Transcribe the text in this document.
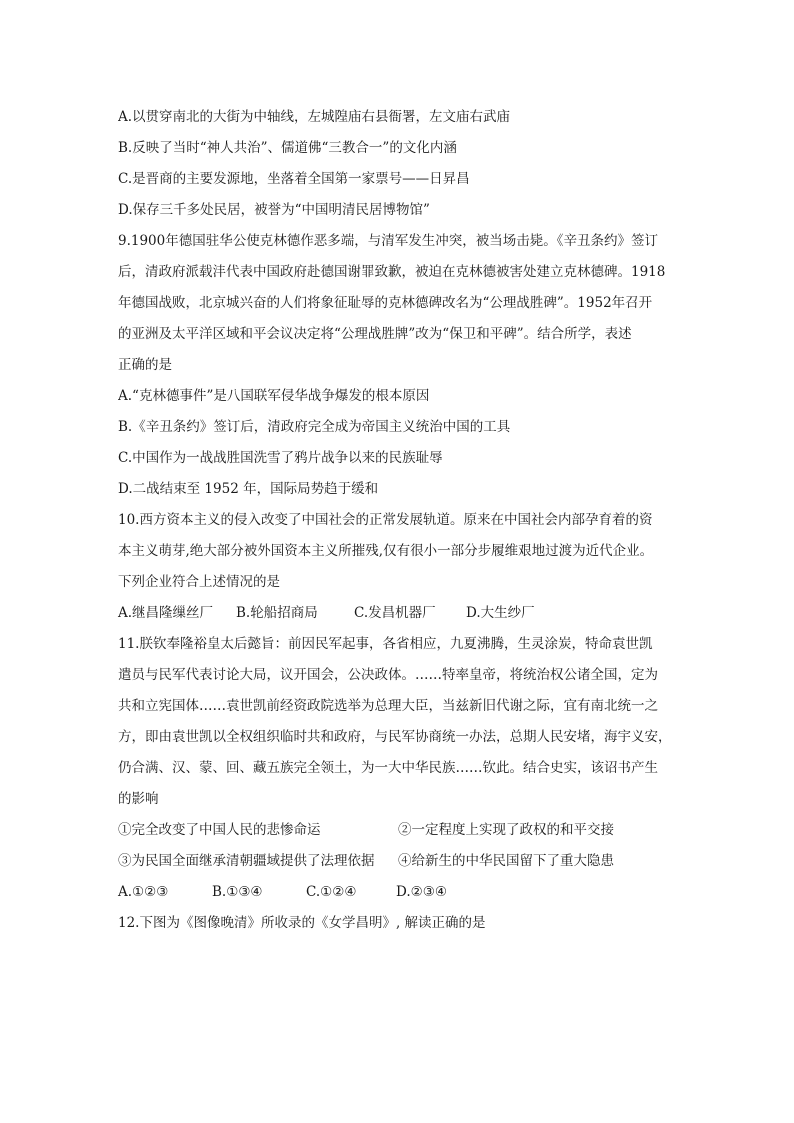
A.以贯穿南北的大街为中轴线，左城隍庙右县衙署，左文庙右武庙
B.反映了当时“神人共治”、儒道佛“三教合一”的文化内涵
C.是晋商的主要发源地，坐落着全国第一家票号——日昇昌
D.保存三千多处民居，被誉为“中国明清民居博物馆”
9.1900年德国驻华公使克林德作恶多端，与清军发生冲突，被当场击毙。《辛丑条约》签订
后，清政府派载沣代表中国政府赴德国谢罪致歉，被迫在克林德被害处建立克林德碑。1918
年德国战败，北京城兴奋的人们将象征耻辱的克林德碑改名为“公理战胜碑”。1952年召开
的亚洲及太平洋区域和平会议决定将“公理战胜牌”改为“保卫和平碑”。结合所学，表述
正确的是
A.“克林德事件”是八国联军侵华战争爆发的根本原因
B.《辛丑条约》签订后，清政府完全成为帝国主义统治中国的工具
C.中国作为一战战胜国洗雪了鸦片战争以来的民族耻辱
D.二战结束至 1952 年，国际局势趋于缓和
10.西方资本主义的侵入改变了中国社会的正常发展轨道。原来在中国社会内部孕育着的资
本主义萌芽,绝大部分被外国资本主义所摧残,仅有很小一部分步履维艰地过渡为近代企业。
下列企业符合上述情况的是
A.继昌隆缫丝厂	B.轮船招商局	C.发昌机器厂	D.大生纱厂
11.朕钦奉隆裕皇太后懿旨：前因民军起事，各省相应，九夏沸腾，生灵涂炭，特命袁世凯
遣员与民军代表讨论大局，议开国会，公决政体。……特率皇帝，将统治权公诸全国，定为
共和立宪国体……袁世凯前经资政院选举为总理大臣，当兹新旧代谢之际，宜有南北统一之
方，即由袁世凯以全权组织临时共和政府，与民军协商统一办法，总期人民安堵，海宇义安，
仍合满、汉、蒙、回、藏五族完全领土，为一大中华民族……钦此。结合史实，该诏书产生
的影响
①完全改变了中国人民的悲惨命运	②一定程度上实现了政权的和平交接
③为民国全面继承清朝疆域提供了法理依据	④给新生的中华民国留下了重大隐患
A.①②③	B.①③④	C.①②④	D.②③④
12.下图为《图像晚清》所收录的《女学昌明》, 解读正确的是
